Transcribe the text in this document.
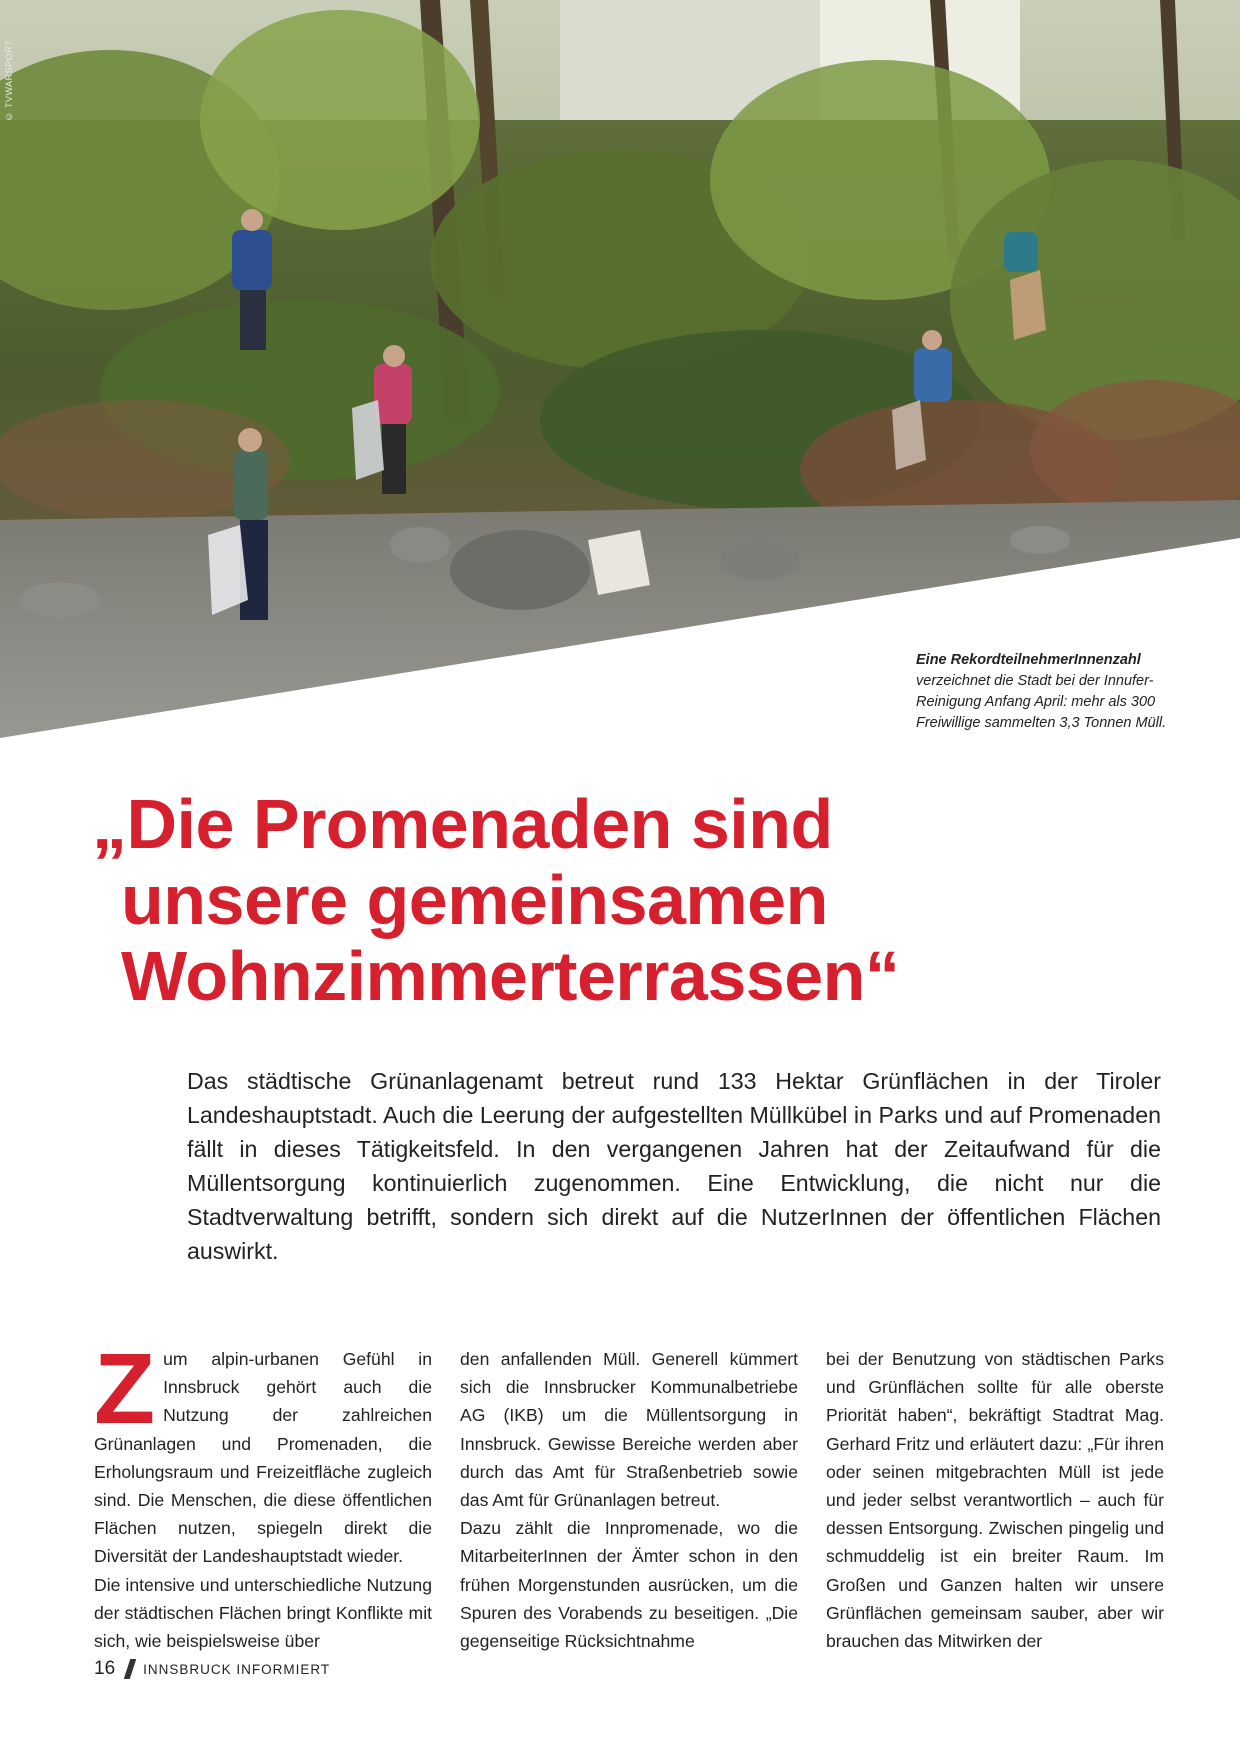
© TVWARSPORT
Eine RekordteilnehmerInnenzahl
verzeichnet die Stadt bei der Innufer-Reinigung Anfang April: mehr als 300 Freiwillige sammelten 3,3 Tonnen Müll.
„Die Promenaden sind
unsere gemeinsamen
Wohnzimmerterrassen“
Das städtische Grünanlagenamt betreut rund 133 Hektar Grünflächen in der Tiroler Landeshauptstadt. Auch die Leerung der aufgestellten Müllkübel in Parks und auf Promenaden fällt in dieses Tätigkeitsfeld. In den vergangenen Jahren hat der Zeitaufwand für die Müllentsorgung kontinuierlich zugenommen. Eine Entwicklung, die nicht nur die Stadtverwaltung betrifft, sondern sich direkt auf die NutzerInnen der öffentlichen Flächen auswirkt.
Z um alpin-urbanen Gefühl in Innsbruck gehört auch die Nutzung der zahlreichen Grünanlagen und Promenaden, die Erholungsraum und Freizeitfläche zugleich sind. Die Menschen, die diese öffentlichen Flächen nutzen, spiegeln direkt die Diversität der Landeshauptstadt wieder.

Die intensive und unterschiedliche Nutzung der städtischen Flächen bringt Konflikte mit sich, wie beispielsweise über

den anfallenden Müll. Generell kümmert sich die Innsbrucker Kommunalbetriebe AG (IKB) um die Müllentsorgung in Innsbruck. Gewisse Bereiche werden aber durch das Amt für Straßenbetrieb sowie das Amt für Grünanlagen betreut.

Dazu zählt die Innpromenade, wo die MitarbeiterInnen der Ämter schon in den frühen Morgenstunden ausrücken, um die Spuren des Vorabends zu beseitigen. „Die gegenseitige Rücksichtnahme

bei der Benutzung von städtischen Parks und Grünflächen sollte für alle oberste Priorität haben“, bekräftigt Stadtrat Mag. Gerhard Fritz und erläutert dazu: „Für ihren oder seinen mitgebrachten Müll ist jede und jeder selbst verantwortlich – auch für dessen Entsorgung. Zwischen pingelig und schmuddelig ist ein breiter Raum. Im Großen und Ganzen halten wir unsere Grünflächen gemeinsam sauber, aber wir brauchen das Mitwirken der

16 INNSBRUCK INFORMIERT
